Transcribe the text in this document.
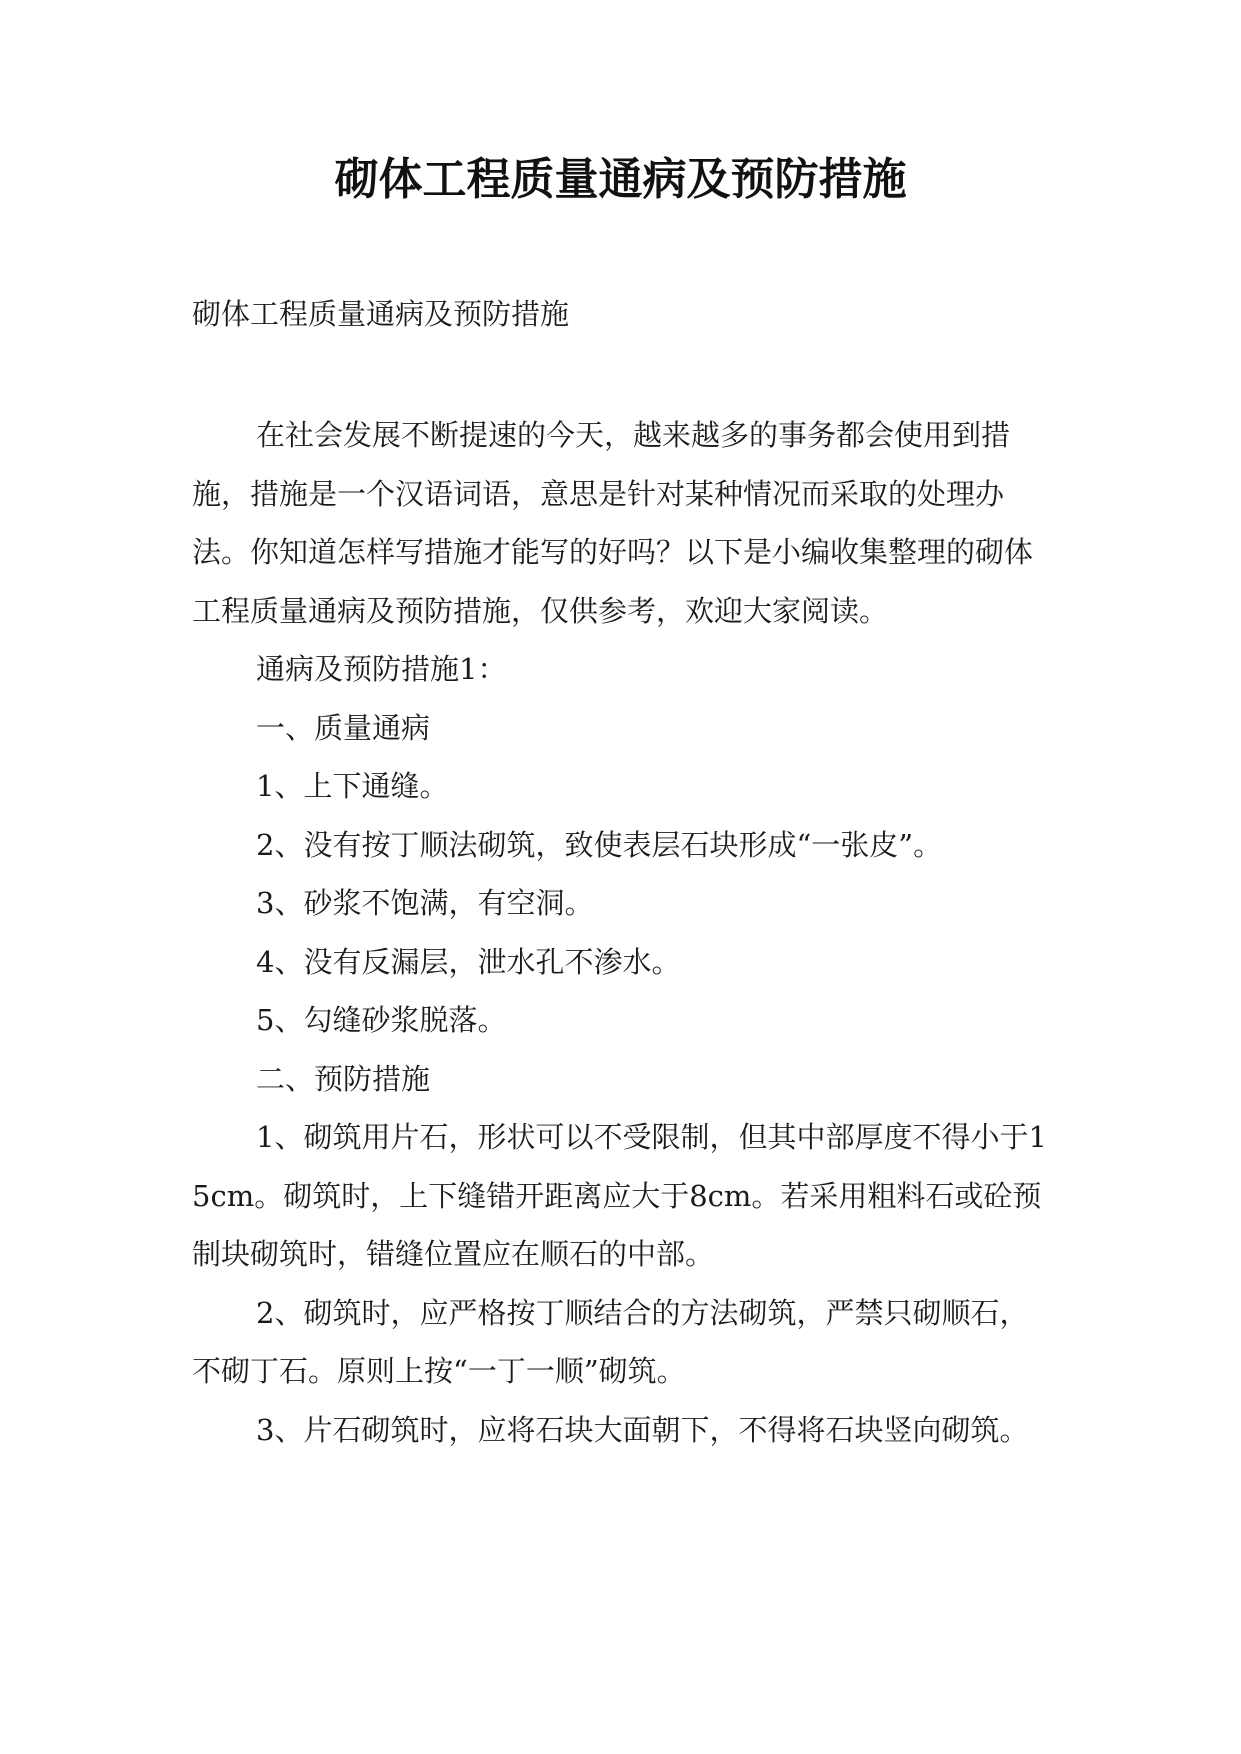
砌体工程质量通病及预防措施

砌体工程质量通病及预防措施

在社会发展不断提速的今天，越来越多的事务都会使用到措施，措施是一个汉语词语，意思是针对某种情况而采取的处理办法。你知道怎样写措施才能写的好吗？以下是小编收集整理的砌体工程质量通病及预防措施，仅供参考，欢迎大家阅读。

通病及预防措施1：

一、质量通病

1、上下通缝。

2、没有按丁顺法砌筑，致使表层石块形成“一张皮”。

3、砂浆不饱满，有空洞。

4、没有反漏层，泄水孔不渗水。

5、勾缝砂浆脱落。

二、预防措施

1、砌筑用片石，形状可以不受限制，但其中部厚度不得小于15cm。砌筑时，上下缝错开距离应大于8cm。若采用粗料石或砼预制块砌筑时，错缝位置应在顺石的中部。

2、砌筑时，应严格按丁顺结合的方法砌筑，严禁只砌顺石，不砌丁石。原则上按“一丁一顺”砌筑。

3、片石砌筑时，应将石块大面朝下，不得将石块竖向砌筑。
